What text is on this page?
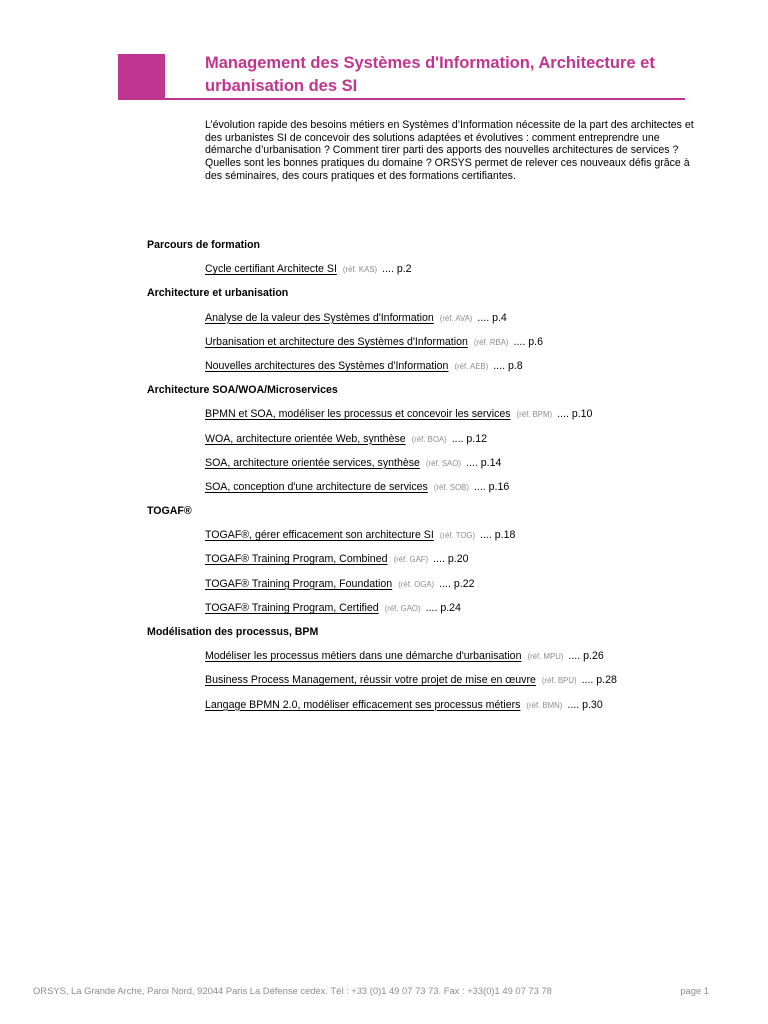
Management des Systèmes d'Information, Architecture et urbanisation des SI

L’évolution rapide des besoins métiers en Systèmes d’Information nécessite de la part des architectes et des urbanistes SI de concevoir des solutions adaptées et évolutives : comment entreprendre une démarche d’urbanisation ? Comment tirer parti des apports des nouvelles architectures de services ? Quelles sont les bonnes pratiques du domaine ? ORSYS permet de relever ces nouveaux défis grâce à des séminaires, des cours pratiques et des formations certifiantes.

Parcours de formation
Cycle certifiant Architecte SI (réf. KAS) .... p.2
Architecture et urbanisation
Analyse de la valeur des Systèmes d'Information (réf. AVA) .... p.4
Urbanisation et architecture des Systèmes d'Information (réf. RBA) .... p.6
Nouvelles architectures des Systèmes d'Information (réf. AEB) .... p.8
Architecture SOA/WOA/Microservices
BPMN et SOA, modéliser les processus et concevoir les services (réf. BPM) .... p.10
WOA, architecture orientée Web, synthèse (réf. BOA) .... p.12
SOA, architecture orientée services, synthèse (réf. SAO) .... p.14
SOA, conception d'une architecture de services (réf. SOB) .... p.16
TOGAF®
TOGAF®, gérer efficacement son architecture SI (réf. TOG) .... p.18
TOGAF® Training Program, Combined (réf. GAF) .... p.20
TOGAF® Training Program, Foundation (réf. OGA) .... p.22
TOGAF® Training Program, Certified (réf. GAO) .... p.24
Modélisation des processus, BPM
Modéliser les processus métiers dans une démarche d'urbanisation (réf. MPU) .... p.26
Business Process Management, réussir votre projet de mise en œuvre (réf. BPU) .... p.28
Langage BPMN 2.0, modéliser efficacement ses processus métiers (réf. BMN) .... p.30
ORSYS, La Grande Arche, Paroi Nord, 92044 Paris La Défense cedex. Tél : +33 (0)1 49 07 73 73. Fax : +33(0)1 49 07 73 78	page 1
